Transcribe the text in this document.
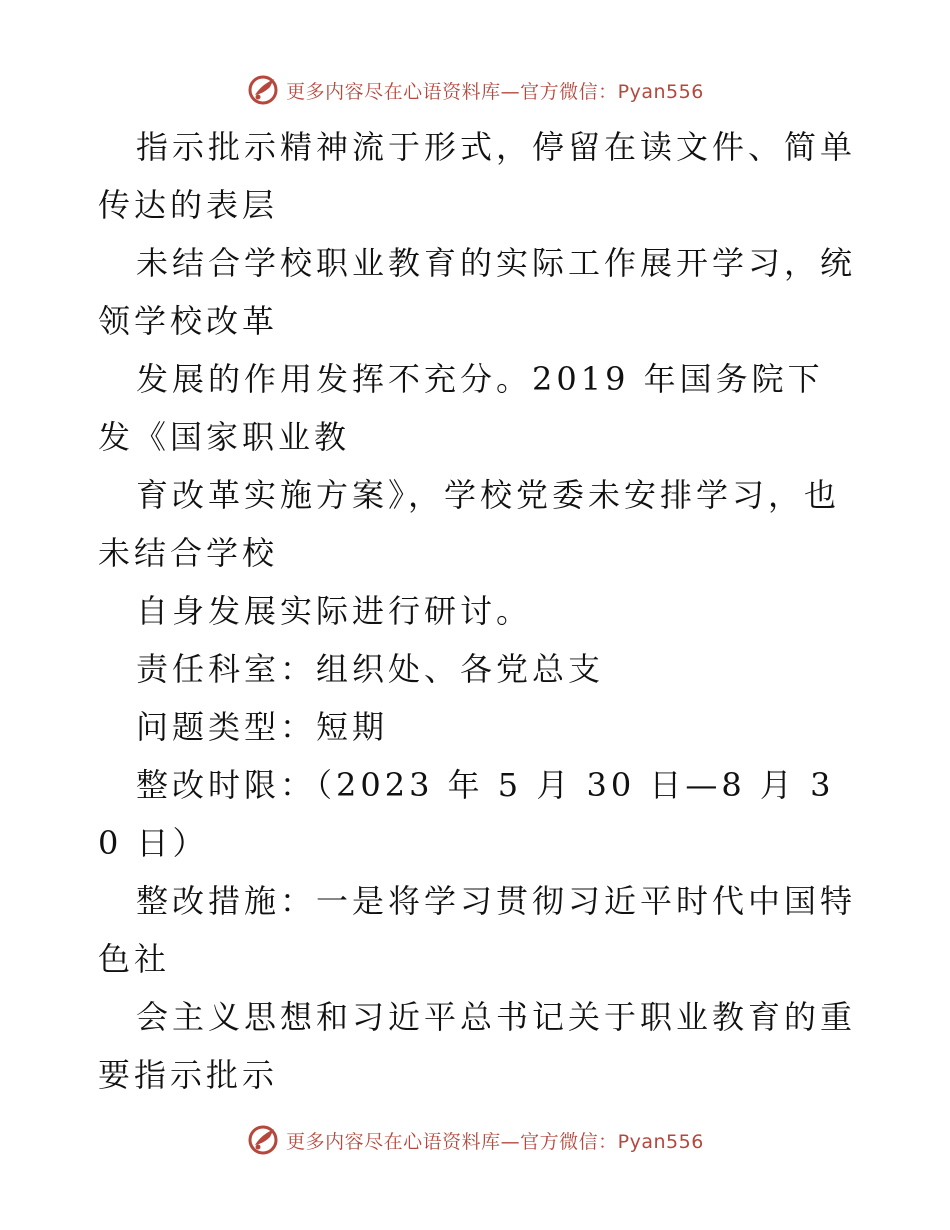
更多内容尽在心语资料库—官方微信：Pyan556

指示批示精神流于形式，停留在读文件、简单传达的表层

未结合学校职业教育的实际工作展开学习，统领学校改革

发展的作用发挥不充分。2019 年国务院下发《国家职业教

育改革实施方案》，学校党委未安排学习，也未结合学校

自身发展实际进行研讨。

责任科室：组织处、各党总支

问题类型：短期

整改时限：（2023 年 5 月 30 日—8 月 30 日）

整改措施：一是将学习贯彻习近平时代中国特色社

会主义思想和习近平总书记关于职业教育的重要指示批示

更多内容尽在心语资料库—官方微信：Pyan556
